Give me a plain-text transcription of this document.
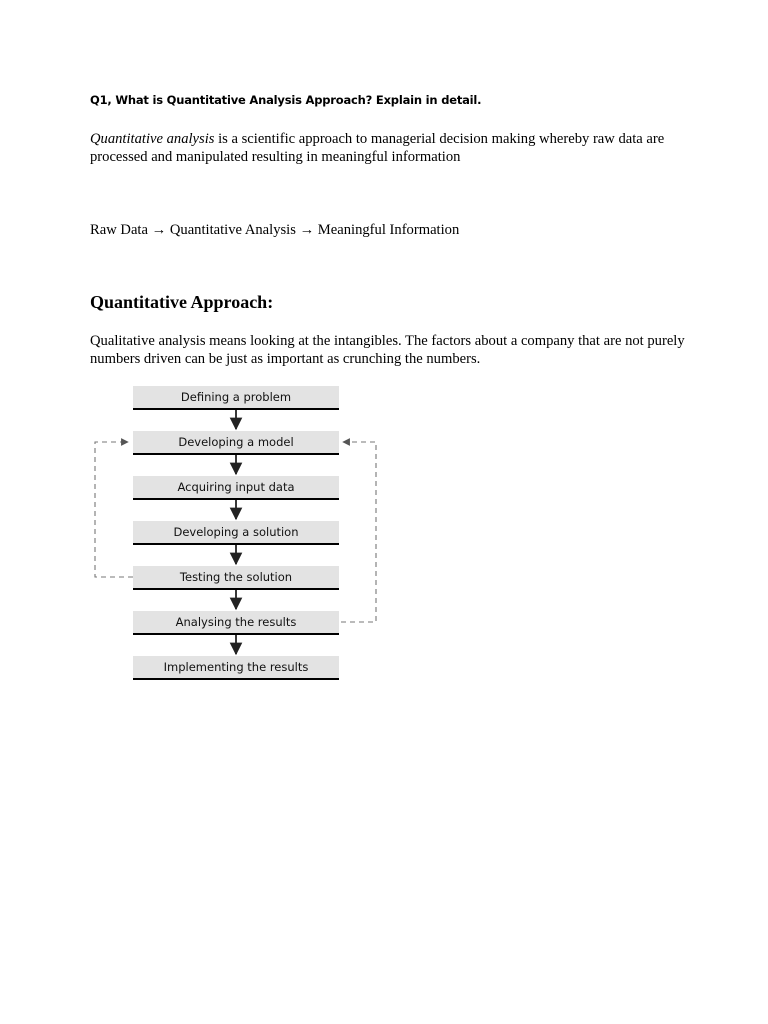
Q1, What is Quantitative Analysis Approach? Explain in detail.
Quantitative analysis is a scientific approach to managerial decision making whereby raw data are processed and manipulated resulting in meaningful information
Raw Data → Quantitative Analysis → Meaningful Information
Quantitative Approach:
Qualitative analysis means looking at the intangibles. The factors about a company that are not purely numbers driven can be just as important as crunching the numbers.
Defining a problem
Developing a model
Acquiring input data
Developing a solution
Testing the solution
Analysing the results
Implementing the results
